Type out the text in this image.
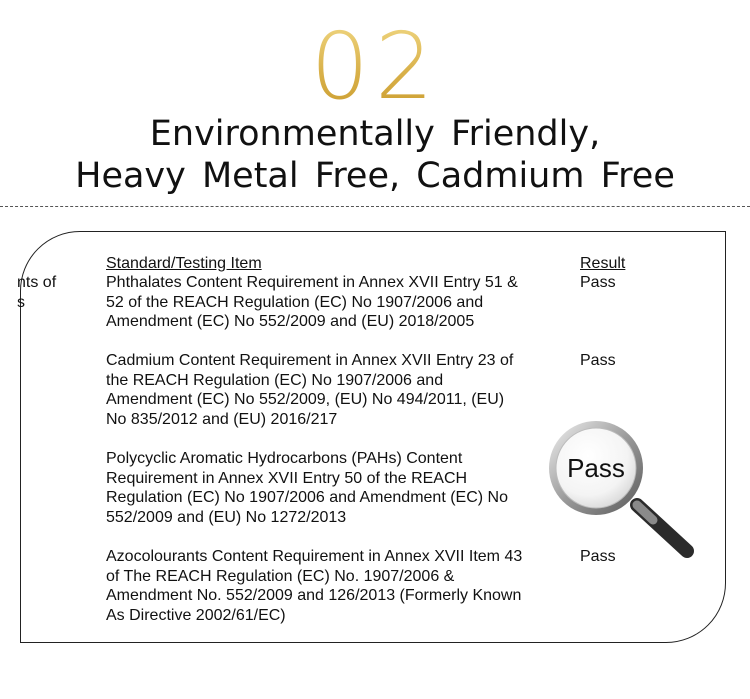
02
Environmentally Friendly,
Heavy Metal Free, Cadmium Free
nts of
s
Standard/Testing Item	Result
Phthalates Content Requirement in Annex XVII Entry 51 &
52 of the REACH Regulation (EC) No 1907/2006 and
Amendment (EC) No 552/2009 and (EU) 2018/2005
Pass
Cadmium Content Requirement in Annex XVII Entry 23 of
the REACH Regulation (EC) No 1907/2006 and
Amendment (EC) No 552/2009, (EU) No 494/2011, (EU)
No 835/2012 and (EU) 2016/217
Pass
Polycyclic Aromatic Hydrocarbons (PAHs) Content
Requirement in Annex XVII Entry 50 of the REACH
Regulation (EC) No 1907/2006 and Amendment (EC) No
552/2009 and (EU) No 1272/2013
Azocolourants Content Requirement in Annex XVII Item 43
of The REACH Regulation (EC) No. 1907/2006 &
Amendment No. 552/2009 and 126/2013 (Formerly Known
As Directive 2002/61/EC)
Pass
Pass
